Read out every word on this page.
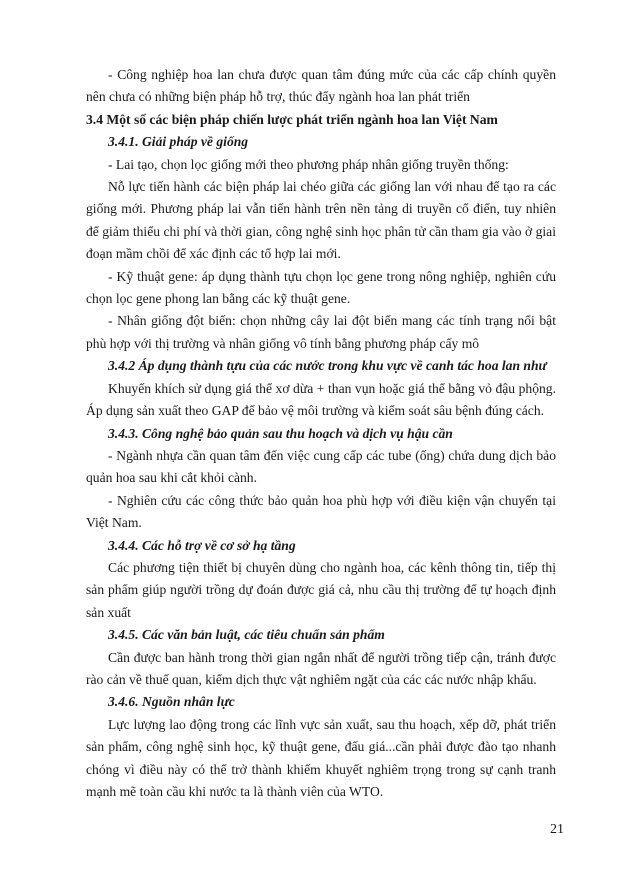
- Công nghiệp hoa lan chưa được quan tâm đúng mức của các cấp chính quyền nên chưa có những biện pháp hỗ trợ, thúc đẩy ngành hoa lan phát triển

3.4 Một số các biện pháp chiến lược phát triển ngành hoa lan Việt Nam

3.4.1. Giải pháp về giống

- Lai tạo, chọn lọc giống mới theo phương pháp nhân giống truyền thống:

Nỗ lực tiến hành các biện pháp lai chéo giữa các giống lan với nhau để tạo ra các giống mới. Phương pháp lai vẫn tiến hành trên nền tảng di truyền cổ điển, tuy nhiên để giảm thiểu chi phí và thời gian, công nghệ sinh học phân tử cần tham gia vào ở giai đoạn mầm chồi để xác định các tổ hợp lai mới.

- Kỹ thuật gene: áp dụng thành tựu chọn lọc gene trong nông nghiệp, nghiên cứu chọn lọc gene phong lan bằng các kỹ thuật gene.

- Nhân giống đột biến: chọn những cây lai đột biến mang các tính trạng nổi bật phù hợp với thị trường và nhân giống vô tính bằng phương pháp cấy mô

3.4.2 Áp dụng thành tựu của các nước trong khu vực về canh tác hoa lan như

Khuyến khích sử dụng giá thể xơ dừa + than vụn hoặc giá thể bằng vỏ đậu phộng. Áp dụng sản xuất theo GAP để bảo vệ môi trường và kiểm soát sâu bệnh đúng cách.

3.4.3. Công nghệ bảo quản sau thu hoạch và dịch vụ hậu cần

- Ngành nhựa cần quan tâm đến việc cung cấp các tube (ống) chứa dung dịch bảo quản hoa sau khi cắt khỏi cành.

- Nghiên cứu các công thức bảo quản hoa phù hợp với điều kiện vận chuyển tại Việt Nam.

3.4.4. Các hỗ trợ về cơ sở hạ tầng

Các phương tiện thiết bị chuyên dùng cho ngành hoa, các kênh thông tin, tiếp thị sản phẩm giúp người trồng dự đoán được giá cả, nhu cầu thị trường để tự hoạch định sản xuất

3.4.5. Các văn bản luật, các tiêu chuẩn sản phẩm

Cần được ban hành trong thời gian ngắn nhất để người trồng tiếp cận, tránh được rào cản về thuế quan, kiểm dịch thực vật nghiêm ngặt của các các nước nhập khẩu.

3.4.6. Nguồn nhân lực

Lực lượng lao động trong các lĩnh vực sản xuất, sau thu hoạch, xếp dỡ, phát triển sản phẩm, công nghệ sinh học, kỹ thuật gene, đấu giá...cần phải được đào tạo nhanh chóng vì điều này có thể trở thành khiếm khuyết nghiêm trọng trong sự cạnh tranh mạnh mẽ toàn cầu khi nước ta là thành viên của WTO.

21
